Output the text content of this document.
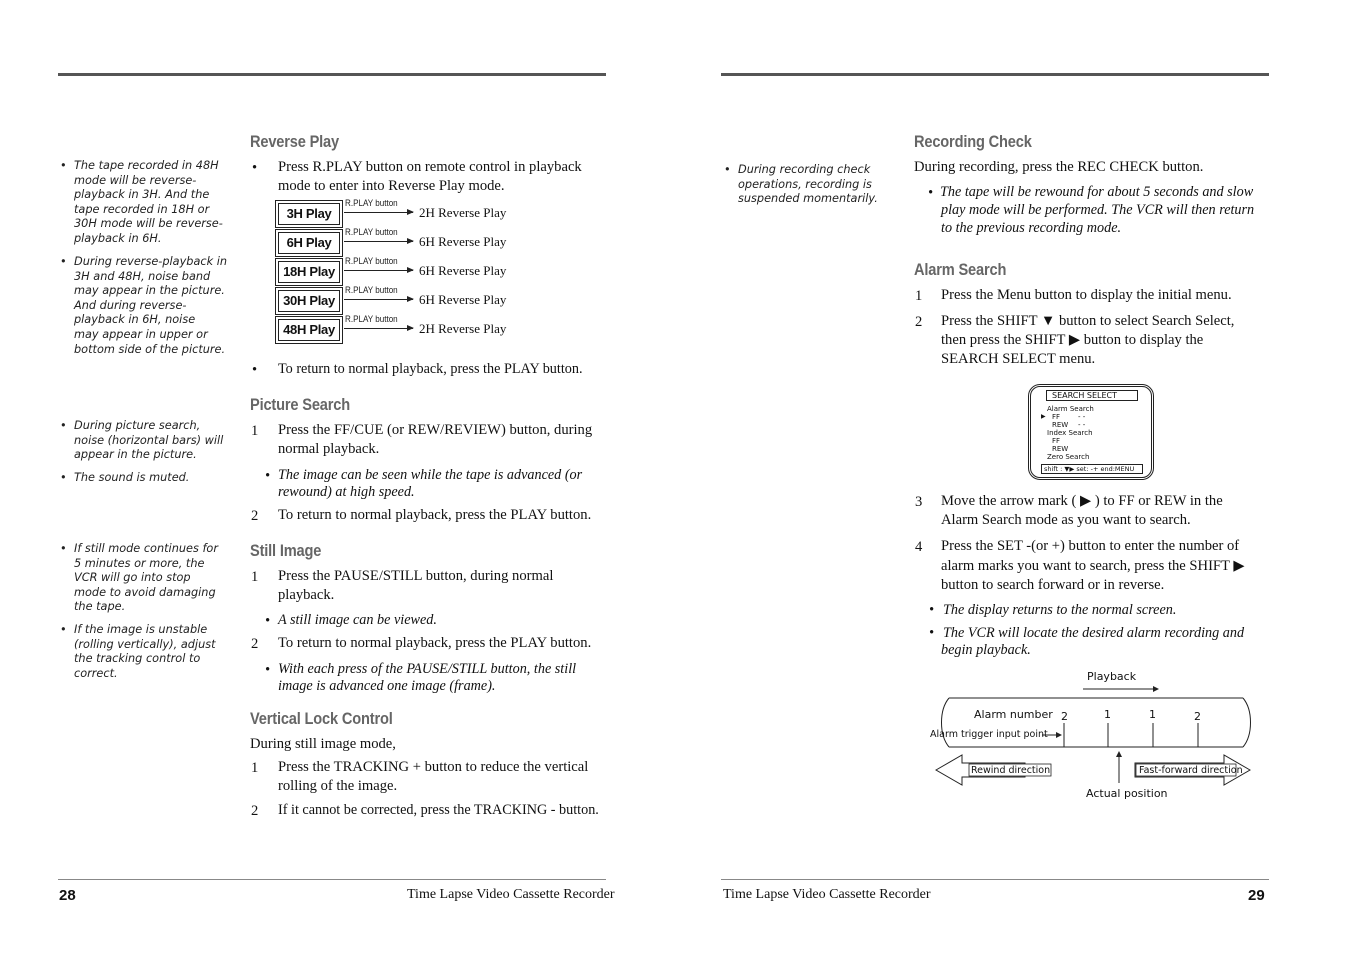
• The tape recorded in 48H
mode will be reverse-
playback in 3H. And the
tape recorded in 18H or
30H mode will be reverse-
playback in 6H.
• During reverse-playback in
3H and 48H, noise band
may appear in the picture.
And during reverse-
playback in 6H, noise
may appear in upper or
bottom side of the picture.
• During picture search,
noise (horizontal bars) will
appear in the picture.
• The sound is muted.
• If still mode continues for
5 minutes or more, the
VCR will go into stop
mode to avoid damaging
the tape.
• If the image is unstable
(rolling vertically), adjust
the tracking control to
correct.
Reverse Play
• Press R.PLAY button on remote control in playback
mode to enter into Reverse Play mode.
3H Play
R.PLAY button
2H Reverse Play
6H Play
R.PLAY button
6H Reverse Play
18H Play
R.PLAY button
6H Reverse Play
30H Play
R.PLAY button
6H Reverse Play
48H Play
R.PLAY button
2H Reverse Play
• To return to normal playback, press the PLAY button.
Picture Search
1 Press the FF/CUE (or REW/REVIEW) button, during
normal playback.
• The image can be seen while the tape is advanced (or
rewound) at high speed.
2 To return to normal playback, press the PLAY button.
Still Image
1 Press the PAUSE/STILL button, during normal
playback.
• A still image can be viewed.
2 To return to normal playback, press the PLAY button.
• With each press of the PAUSE/STILL button, the still
image is advanced one image (frame).
Vertical Lock Control
During still image mode,
1 Press the TRACKING + button to reduce the vertical
rolling of the image.
2 If it cannot be corrected, press the TRACKING - button.
28	Time Lapse Video Cassette Recorder
• During recording check
operations, recording is
suspended momentarily.
Recording Check
During recording, press the REC CHECK button.
• The tape will be rewound for about 5 seconds and slow
play mode will be performed. The VCR will then return
to the previous recording mode.
Alarm Search
1 Press the Menu button to display the initial menu.
2 Press the SHIFT ▼ button to select Search Select,
then press the SHIFT ▶ button to display the
SEARCH SELECT menu.
SEARCH SELECT
Alarm Search
▶ FF	- -
REW - -
Index Search
FF
REW
Zero Search
shift : ▼▶ set: -+ end:MENU
3 Move the arrow mark ( ▶ ) to FF or REW in the
Alarm Search mode as you want to search.
4 Press the SET -(or +) button to enter the number of
alarm marks you want to search, press the SHIFT ▶
button to search forward or in reverse.
• The display returns to the normal screen.
• The VCR will locate the desired alarm recording and
begin playback.
Playback
Alarm number 2	1	1	2
Alarm trigger input point
Rewind direction	Fast-forward direction
Actual position
Time Lapse Video Cassette Recorder	29
